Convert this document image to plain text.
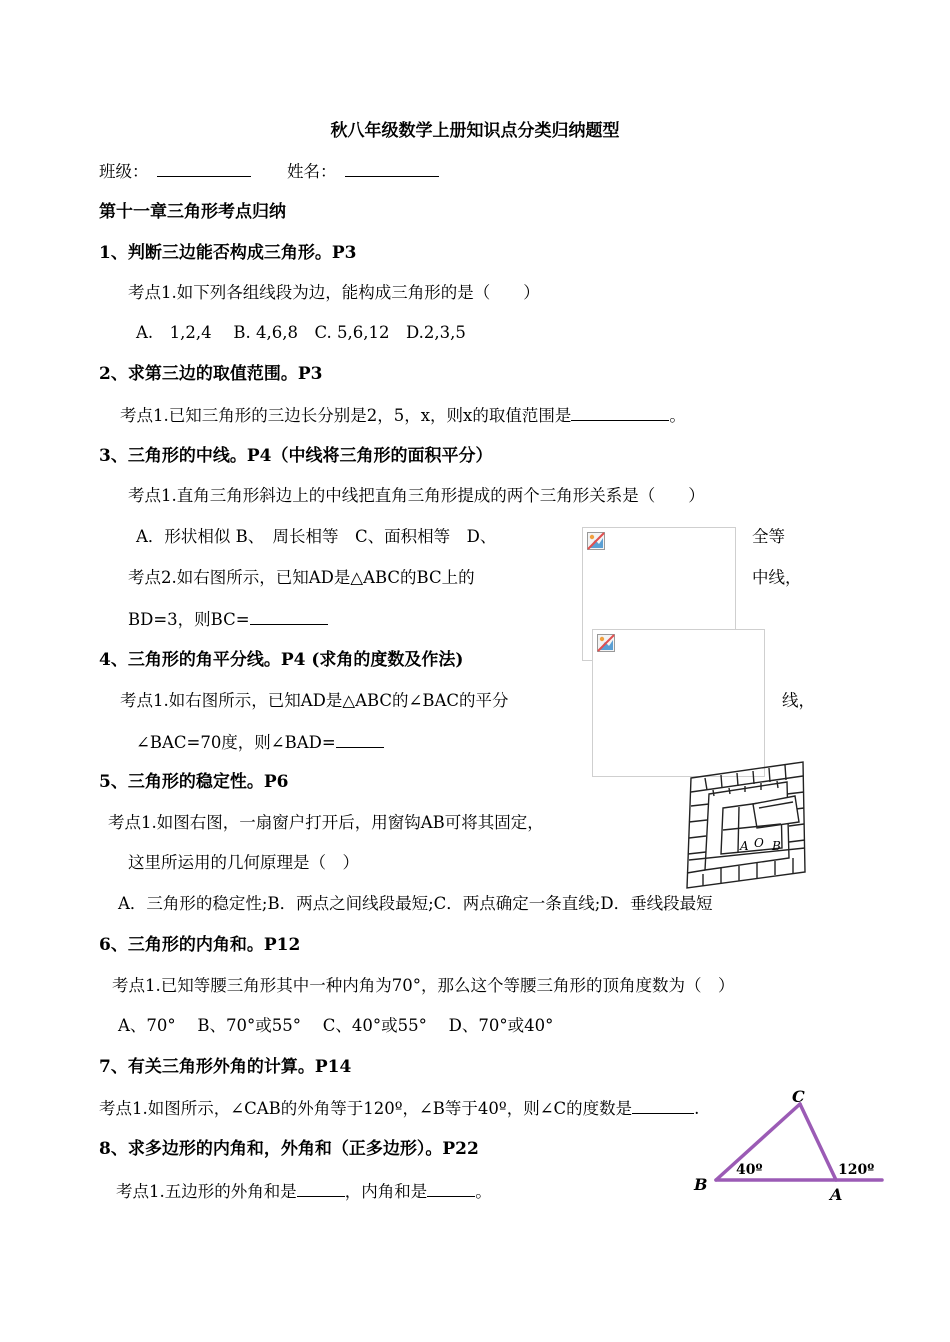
秋八年级数学上册知识点分类归纳题型
班级：	姓名：
第十一章三角形考点归纳
1、判断三边能否构成三角形。P3
考点1.如下列各组线段为边，能构成三角形的是（　　）
A.　1,2,4　 B. 4,6,8　C. 5,6,12　D.2,3,5
2、求第三边的取值范围。P3
考点1.已知三角形的三边长分别是2，5，x，则x的取值范围是	。
3、三角形的中线。P4（中线将三角形的面积平分）
考点1.直角三角形斜边上的中线把直角三角形提成的两个三角形关系是（　　）
A．形状相似 B、　周长相等　C、面积相等　D、	全等
考点2.如右图所示，已知AD是△ABC的BC上的	中线，
BD=3，则BC=
4、三角形的角平分线。P4 (求角的度数及作法)
考点1.如右图所示，已知AD是△ABC的∠BAC的平分	线，
∠BAC=70度，则∠BAD=
5、三角形的稳定性。P6
考点1.如图右图，一扇窗户打开后，用窗钩AB可将其固定，
这里所运用的几何原理是（　）
A．三角形的稳定性;B．两点之间线段最短;C．两点确定一条直线;D．垂线段最短
A O B
6、三角形的内角和。P12
考点1.已知等腰三角形其中一种内角为70°，那么这个等腰三角形的顶角度数为（　）
A、70°　 B、70°或55°　 C、40°或55°　 D、70°或40°
7、有关三角形外角的计算。P14
考点1.如图所示，∠CAB的外角等于120º，∠B等于40º，则∠C的度数是	.
C
B
A
40º	120º
8、求多边形的内角和，外角和（正多边形）。P22
考点1.五边形的外角和是	，内角和是	。
